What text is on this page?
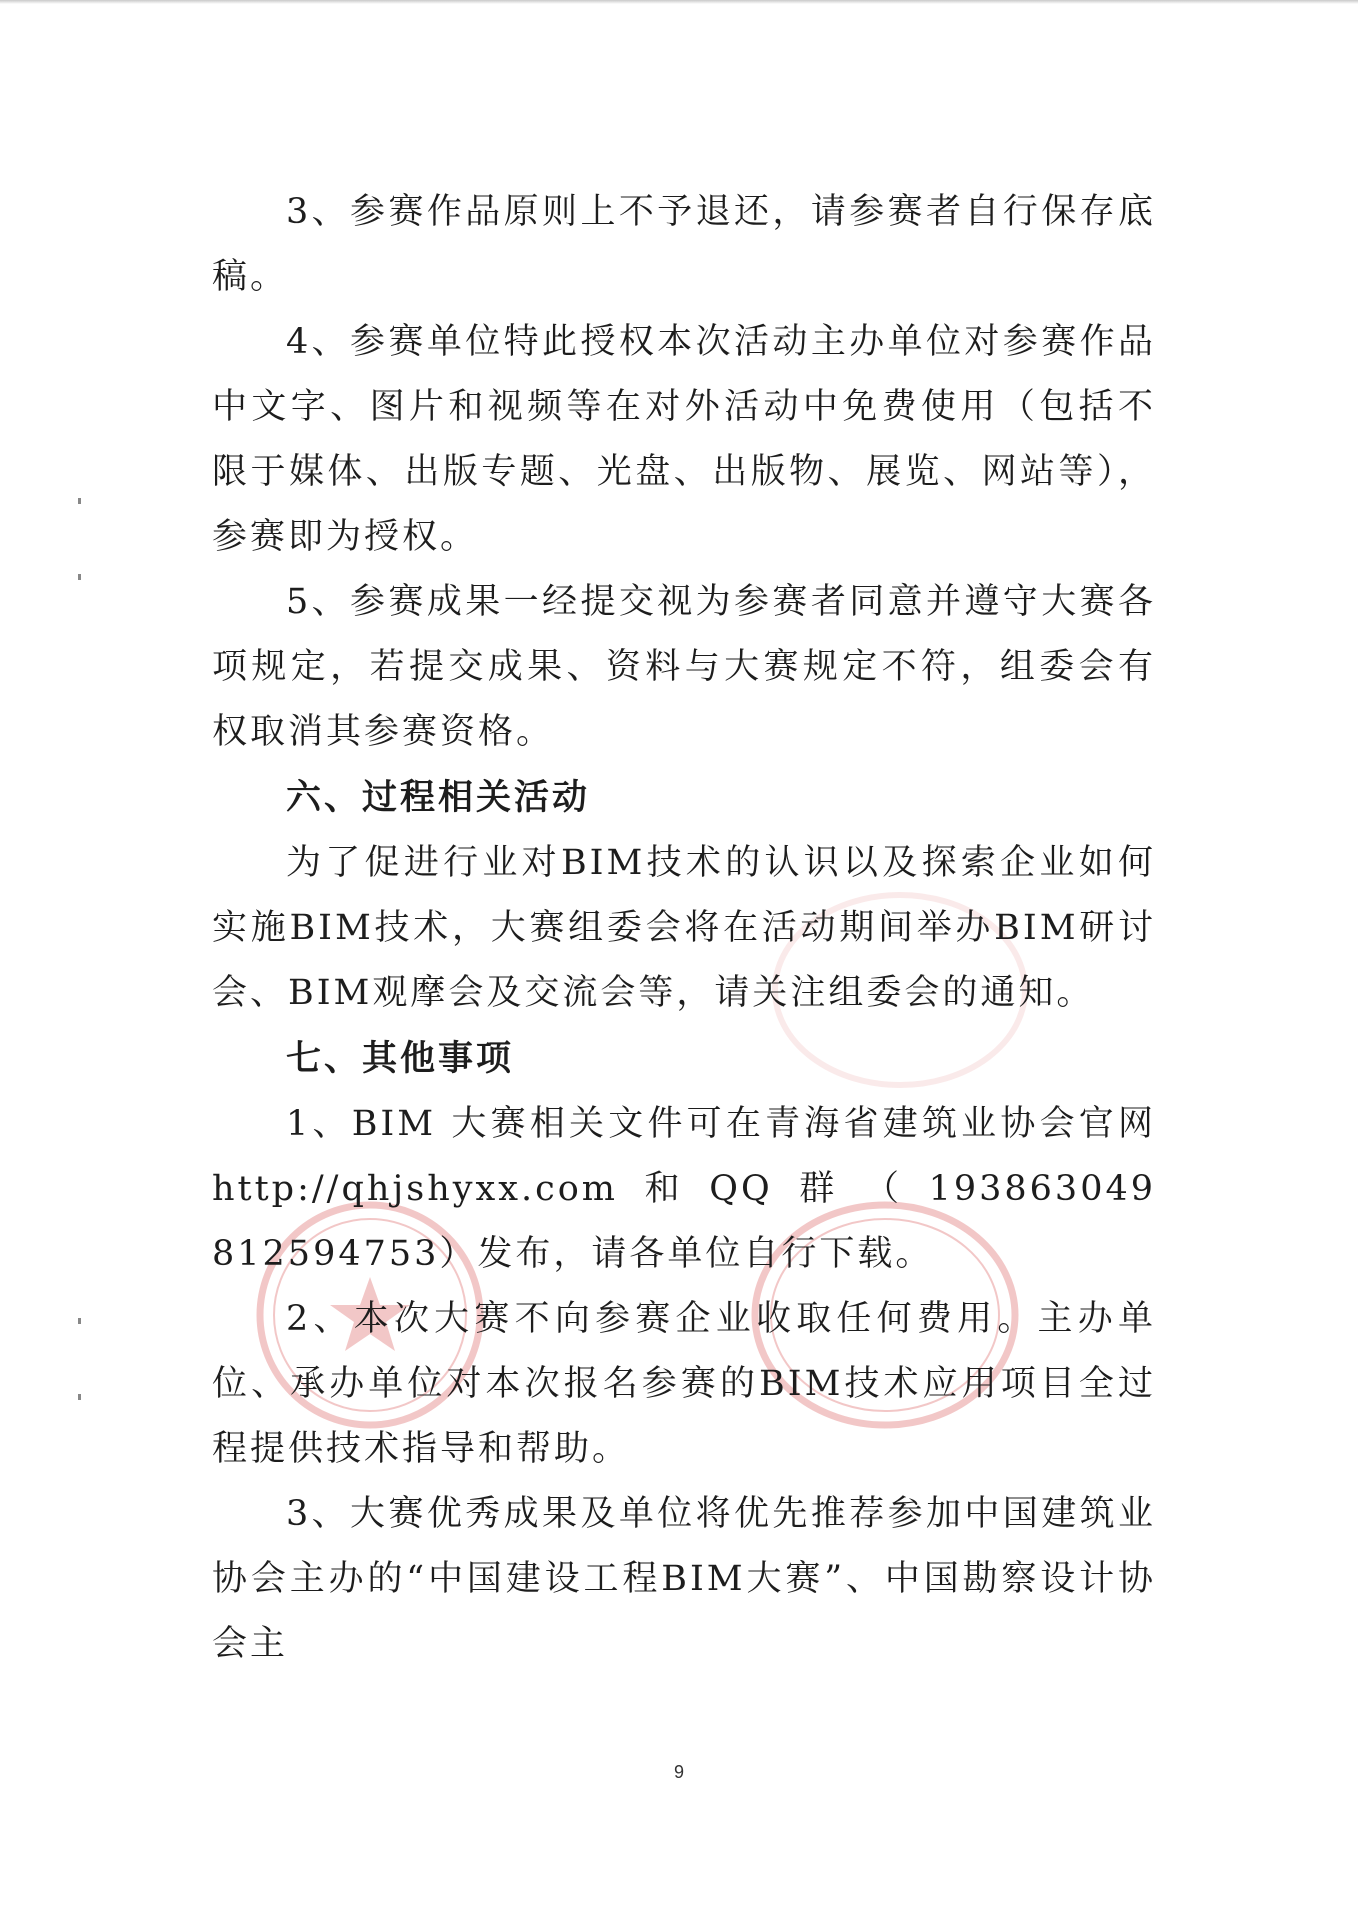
3、参赛作品原则上不予退还，请参赛者自行保存底稿。

4、参赛单位特此授权本次活动主办单位对参赛作品中文字、图片和视频等在对外活动中免费使用（包括不限于媒体、出版专题、光盘、出版物、展览、网站等），参赛即为授权。

5、参赛成果一经提交视为参赛者同意并遵守大赛各项规定，若提交成果、资料与大赛规定不符，组委会有权取消其参赛资格。

六、过程相关活动

为了促进行业对BIM技术的认识以及探索企业如何实施BIM技术，大赛组委会将在活动期间举办BIM研讨会、BIM观摩会及交流会等，请关注组委会的通知。

七、其他事项

1、BIM 大赛相关文件可在青海省建筑业协会官网http://qhjshyxx.com和QQ群（193863049 812594753）发布，请各单位自行下载。

2、本次大赛不向参赛企业收取任何费用。主办单位、承办单位对本次报名参赛的BIM技术应用项目全过程提供技术指导和帮助。

3、大赛优秀成果及单位将优先推荐参加中国建筑业协会主办的“中国建设工程BIM大赛”、中国勘察设计协会主

9
